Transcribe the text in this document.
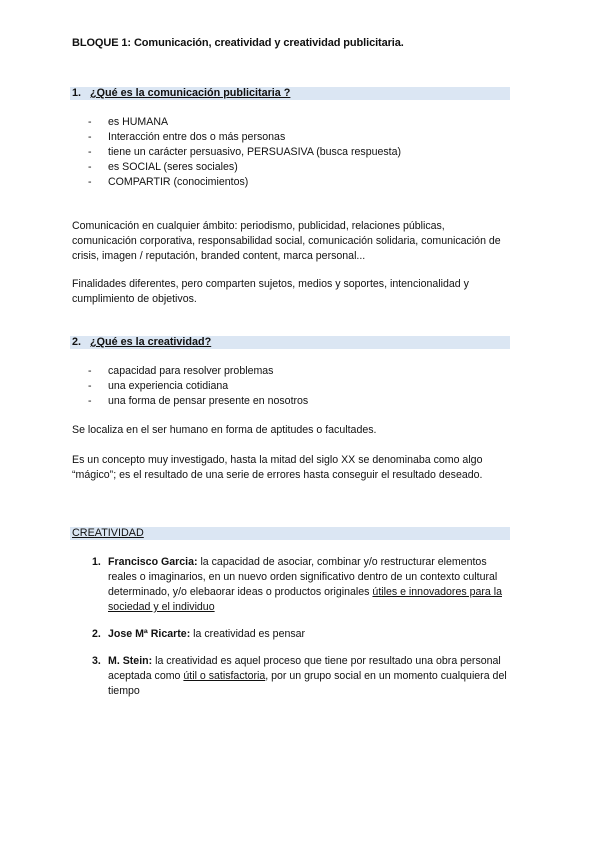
BLOQUE 1: Comunicación, creatividad y creatividad publicitaria.
1. ¿Qué es la comunicación publicitaria ?
- es HUMANA
- Interacción entre dos o más personas
- tiene un carácter persuasivo, PERSUASIVA (busca respuesta)
- es SOCIAL (seres sociales)
- COMPARTIR (conocimientos)
Comunicación en cualquier ámbito: periodismo, publicidad, relaciones públicas,
comunicación corporativa, responsabilidad social, comunicación solidaria, comunicación de
crisis, imagen / reputación, branded content, marca personal...
Finalidades diferentes, pero comparten sujetos, medios y soportes, intencionalidad y
cumplimiento de objetivos.
2. ¿Qué es la creatividad?
- capacidad para resolver problemas
- una experiencia cotidiana
- una forma de pensar presente en nosotros
Se localiza en el ser humano en forma de aptitudes o facultades.
Es un concepto muy investigado, hasta la mitad del siglo XX se denominaba como algo
“mágico”; es el resultado de una serie de errores hasta conseguir el resultado deseado.
CREATIVIDAD
1. Francisco Garcia: la capacidad de asociar, combinar y/o restructurar elementos
reales o imaginarios, en un nuevo orden significativo dentro de un contexto cultural
determinado, y/o elebaorar ideas o productos originales útiles e innovadores para la
sociedad y el individuo
2. Jose Mª Ricarte: la creatividad es pensar
3. M. Stein: la creatividad es aquel proceso que tiene por resultado una obra personal
aceptada como útil o satisfactoria, por un grupo social en un momento cualquiera del
tiempo
